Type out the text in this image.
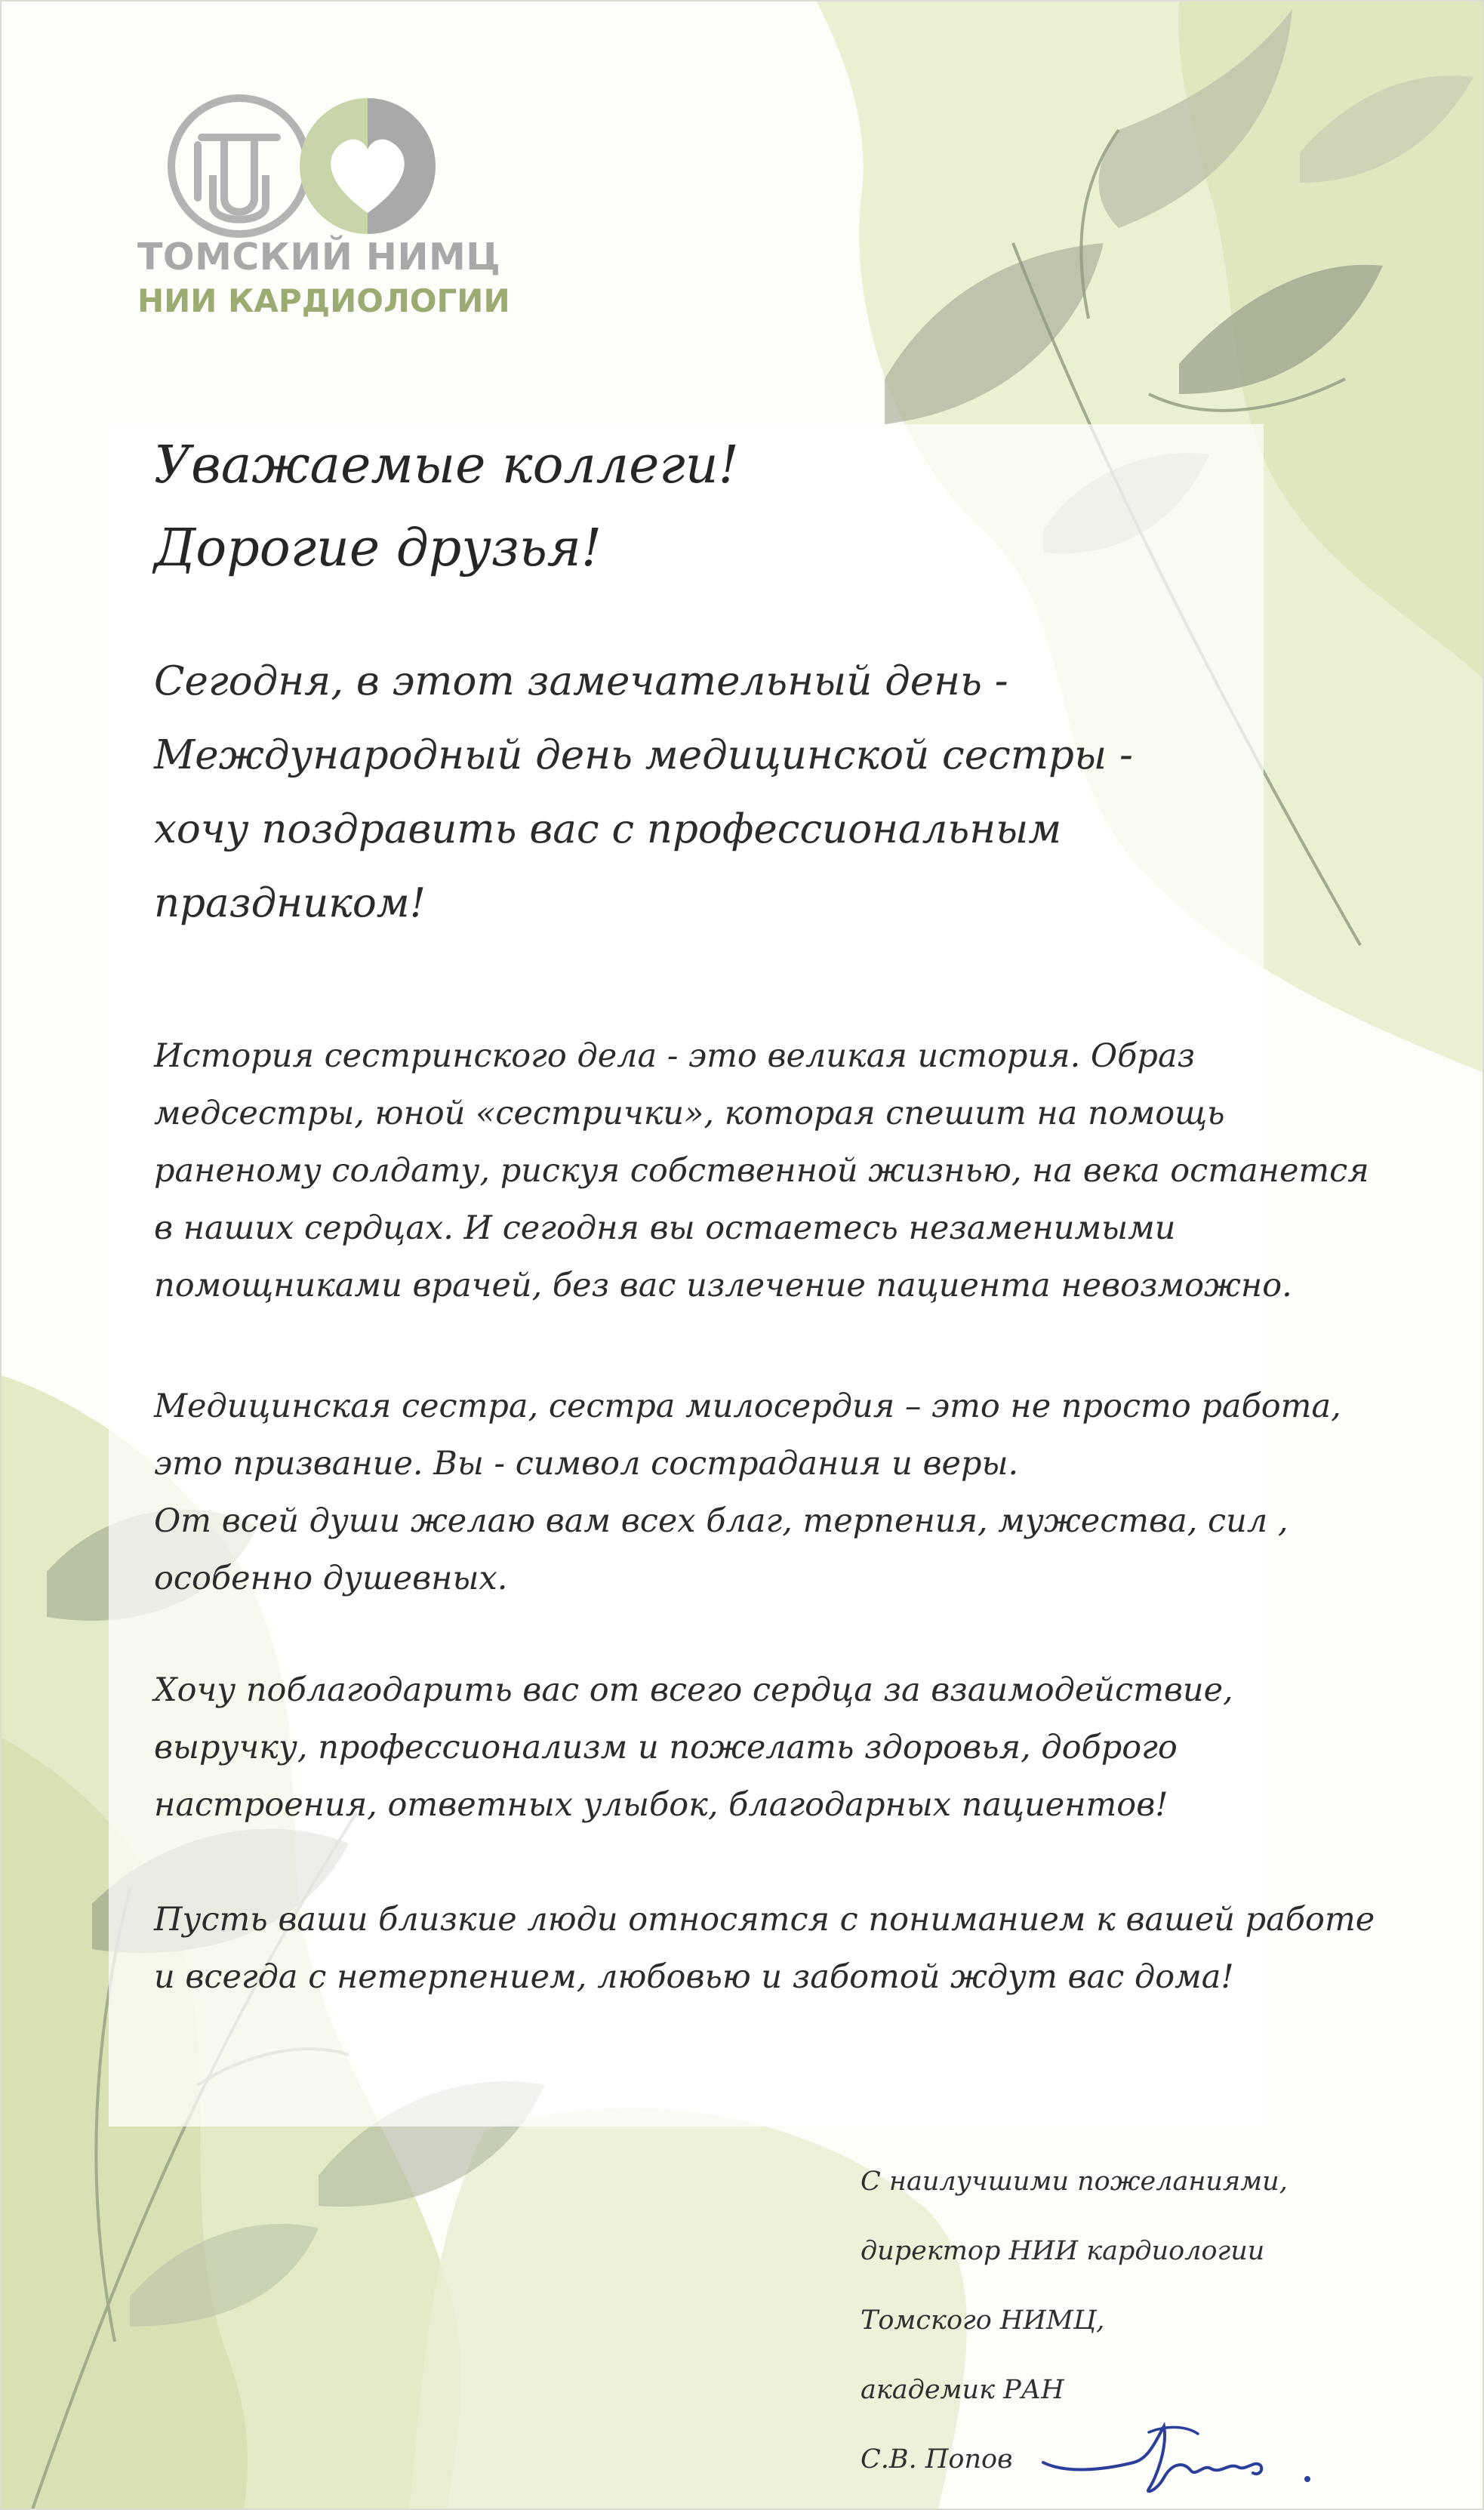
ТОМСКИЙ НИМЦ
НИИ КАРДИОЛОГИИ
Уважаемые коллеги!
Дорогие друзья!

Сегодня, в этот замечательный день -

Международный день медицинской сестры -

хочу поздравить вас с профессиональным

праздником!

История сестринского дела - это великая история. Образ

медсестры, юной «сестрички», которая спешит на помощь

раненому солдату, рискуя собственной жизнью, на века останется

в наших сердцах. И сегодня вы остаетесь незаменимыми

помощниками врачей, без вас излечение пациента невозможно.

Медицинская сестра, сестра милосердия – это не просто работа,

это призвание. Вы - символ сострадания и веры.

От всей души желаю вам всех благ, терпения, мужества, сил ,

особенно душевных.

Хочу поблагодарить вас от всего сердца за взаимодействие,

выручку, профессионализм и пожелать здоровья, доброго

настроения, ответных улыбок, благодарных пациентов!

Пусть ваши близкие люди относятся с пониманием к вашей работе

и всегда с нетерпением, любовью и заботой ждут вас дома!

С наилучшими пожеланиями,

директор НИИ кардиологии

Томского НИМЦ,

академик РАН

С.В. Попов
